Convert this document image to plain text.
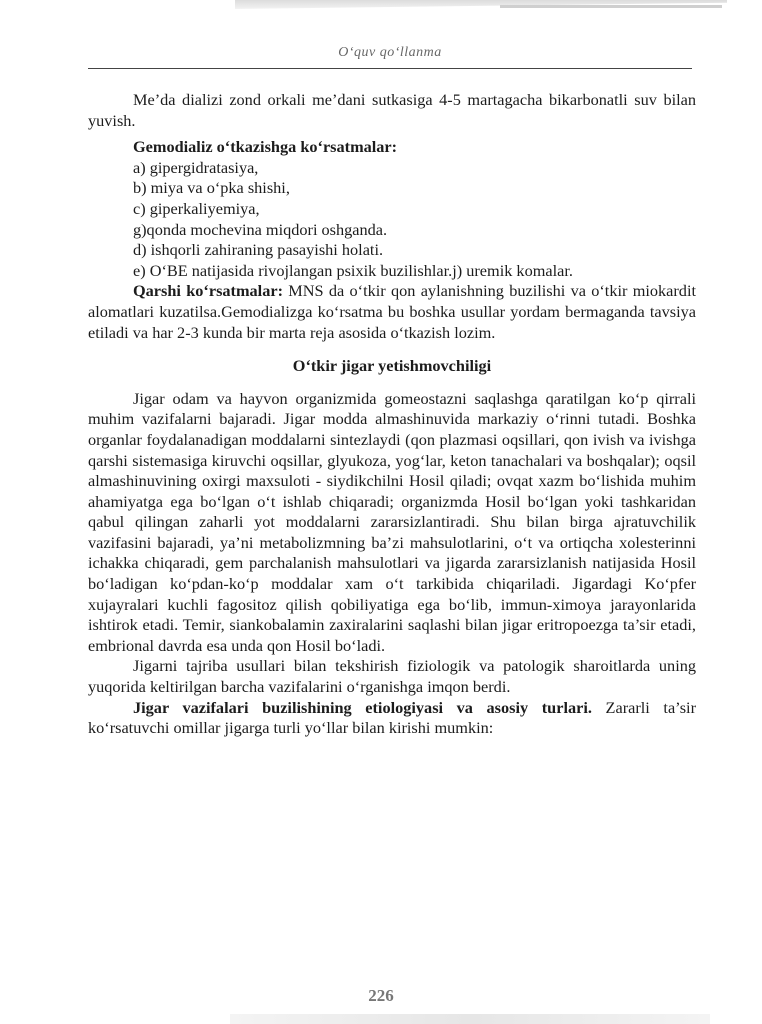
O‘quv qo‘llanma

Me’da dializi zond orkali me’dani sutkasiga 4-5 martagacha bikarbonatli suv bilan yuvish.

Gemodializ o‘tkazishga ko‘rsatmalar:

a) gipergidratasiya,

b) miya va o‘pka shishi,

c) giperkaliyemiya,

g)qonda mochevina miqdori oshganda.

d) ishqorli zahiraning pasayishi holati.

e) O‘BE natijasida rivojlangan psixik buzilishlar.j) uremik komalar.

Qarshi ko‘rsatmalar: MNS da o‘tkir qon aylanishning buzilishi va o‘tkir miokardit alomatlari kuzatilsa.Gemodializga ko‘rsatma bu boshka usullar yordam bermaganda tavsiya etiladi va har 2-3 kunda bir marta reja asosida o‘tkazish lozim.

O‘tkir jigar yetishmovchiligi

Jigar odam va hayvon organizmida gomeostazni saqlashga qaratilgan ko‘p qirrali muhim vazifalarni bajaradi. Jigar modda almashinuvida markaziy o‘rinni tutadi. Boshka organlar foydalanadigan moddalarni sintezlaydi (qon plazmasi oqsillari, qon ivish va ivishga qarshi sistemasiga kiruvchi oqsillar, glyukoza, yog‘lar, keton tanachalari va boshqalar); oqsil almashinuvining oxirgi maxsuloti - siydikchilni Hosil qiladi; ovqat xazm bo‘lishida muhim ahamiyatga ega bo‘lgan o‘t ishlab chiqaradi; organizmda Hosil bo‘lgan yoki tashkaridan qabul qilingan zaharli yot moddalarni zararsizlantiradi. Shu bilan birga ajratuvchilik vazifasini bajaradi, ya’ni metabolizmning ba’zi mahsulotlarini, o‘t va ortiqcha xolesterinni ichakka chiqaradi, gem parchalanish mahsulotlari va jigarda zararsizlanish natijasida Hosil bo‘ladigan ko‘pdan-ko‘p moddalar xam o‘t tarkibida chiqariladi. Jigardagi Ko‘pfer xujayralari kuchli fagositoz qilish qobiliyatiga ega bo‘lib, immun-ximoya jarayonlarida ishtirok etadi. Temir, siankobalamin zaxiralarini saqlashi bilan jigar eritropoezga ta’sir etadi, embrional davrda esa unda qon Hosil bo‘ladi.

Jigarni tajriba usullari bilan tekshirish fiziologik va patologik sharoitlarda uning yuqorida keltirilgan barcha vazifalarini o‘rganishga imqon berdi.

Jigar vazifalari buzilishining etiologiyasi va asosiy turlari. Zararli ta’sir ko‘rsatuvchi omillar jigarga turli yo‘llar bilan kirishi mumkin:

226
